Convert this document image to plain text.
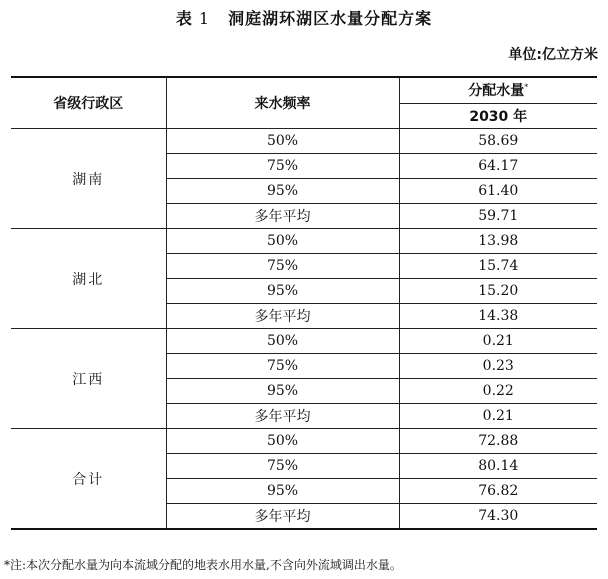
表 1 洞庭湖环湖区水量分配方案
单位:亿立方米
省级行政区	来水频率	分配水量*
		2030 年
湖南	50%	58.69
	75%	64.17
	95%	61.40
	多年平均	59.71
湖北	50%	13.98
	75%	15.74
	95%	15.20
	多年平均	14.38
江西	50%	0.21
	75%	0.23
	95%	0.22
	多年平均	0.21
合计	50%	72.88
	75%	80.14
	95%	76.82
	多年平均	74.30
*注:本次分配水量为向本流域分配的地表水用水量,不含向外流域调出水量。
